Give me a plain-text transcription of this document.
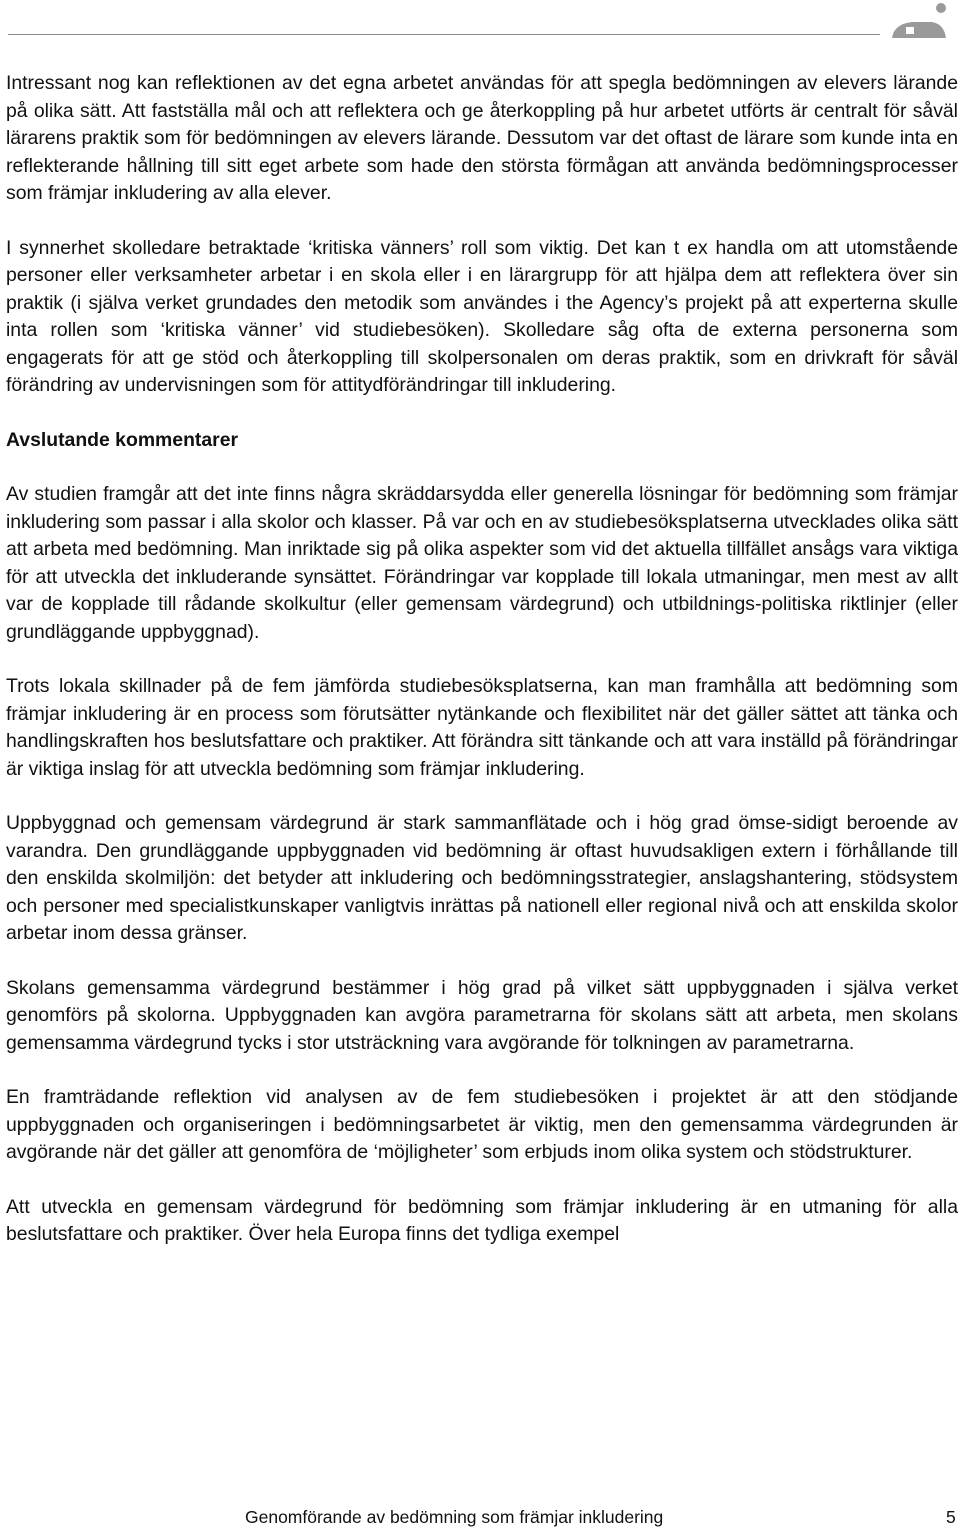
Intressant nog kan reflektionen av det egna arbetet användas för att spegla bedömningen av elevers lärande på olika sätt. Att fastställa mål och att reflektera och ge återkoppling på hur arbetet utförts är centralt för såväl lärarens praktik som för bedömningen av elevers lärande. Dessutom var det oftast de lärare som kunde inta en reflekterande hållning till sitt eget arbete som hade den största förmågan att använda bedömningsprocesser som främjar inkludering av alla elever.

I synnerhet skolledare betraktade ‘kritiska vänners’ roll som viktig. Det kan t ex handla om att utomstående personer eller verksamheter arbetar i en skola eller i en lärargrupp för att hjälpa dem att reflektera över sin praktik (i själva verket grundades den metodik som användes i the Agency’s projekt på att experterna skulle inta rollen som ‘kritiska vänner’ vid studiebesöken). Skolledare såg ofta de externa personerna som engagerats för att ge stöd och återkoppling till skolpersonalen om deras praktik, som en drivkraft för såväl förändring av undervisningen som för attitydförändringar till inkludering.

Avslutande kommentarer

Av studien framgår att det inte finns några skräddarsydda eller generella lösningar för bedömning som främjar inkludering som passar i alla skolor och klasser. På var och en av studiebesöksplatserna utvecklades olika sätt att arbeta med bedömning. Man inriktade sig på olika aspekter som vid det aktuella tillfället ansågs vara viktiga för att utveckla det inkluderande synsättet. Förändringar var kopplade till lokala utmaningar, men mest av allt var de kopplade till rådande skolkultur (eller gemensam värdegrund) och utbildnings-politiska riktlinjer (eller grundläggande uppbyggnad).

Trots lokala skillnader på de fem jämförda studiebesöksplatserna, kan man framhålla att bedömning som främjar inkludering är en process som förutsätter nytänkande och flexibilitet när det gäller sättet att tänka och handlingskraften hos beslutsfattare och praktiker. Att förändra sitt tänkande och att vara inställd på förändringar är viktiga inslag för att utveckla bedömning som främjar inkludering.

Uppbyggnad och gemensam värdegrund är stark sammanflätade och i hög grad ömse-sidigt beroende av varandra. Den grundläggande uppbyggnaden vid bedömning är oftast huvudsakligen extern i förhållande till den enskilda skolmiljön: det betyder att inkludering och bedömningsstrategier, anslagshantering, stödsystem och personer med specialistkunskaper vanligtvis inrättas på nationell eller regional nivå och att enskilda skolor arbetar inom dessa gränser.

Skolans gemensamma värdegrund bestämmer i hög grad på vilket sätt uppbyggnaden i själva verket genomförs på skolorna. Uppbyggnaden kan avgöra parametrarna för skolans sätt att arbeta, men skolans gemensamma värdegrund tycks i stor utsträckning vara avgörande för tolkningen av parametrarna.

En framträdande reflektion vid analysen av de fem studiebesöken i projektet är att den stödjande uppbyggnaden och organiseringen i bedömningsarbetet är viktig, men den gemensamma värdegrunden är avgörande när det gäller att genomföra de ‘möjligheter’ som erbjuds inom olika system och stödstrukturer.

Att utveckla en gemensam värdegrund för bedömning som främjar inkludering är en utmaning för alla beslutsfattare och praktiker. Över hela Europa finns det tydliga exempel

Genomförande av bedömning som främjar inkludering	5
